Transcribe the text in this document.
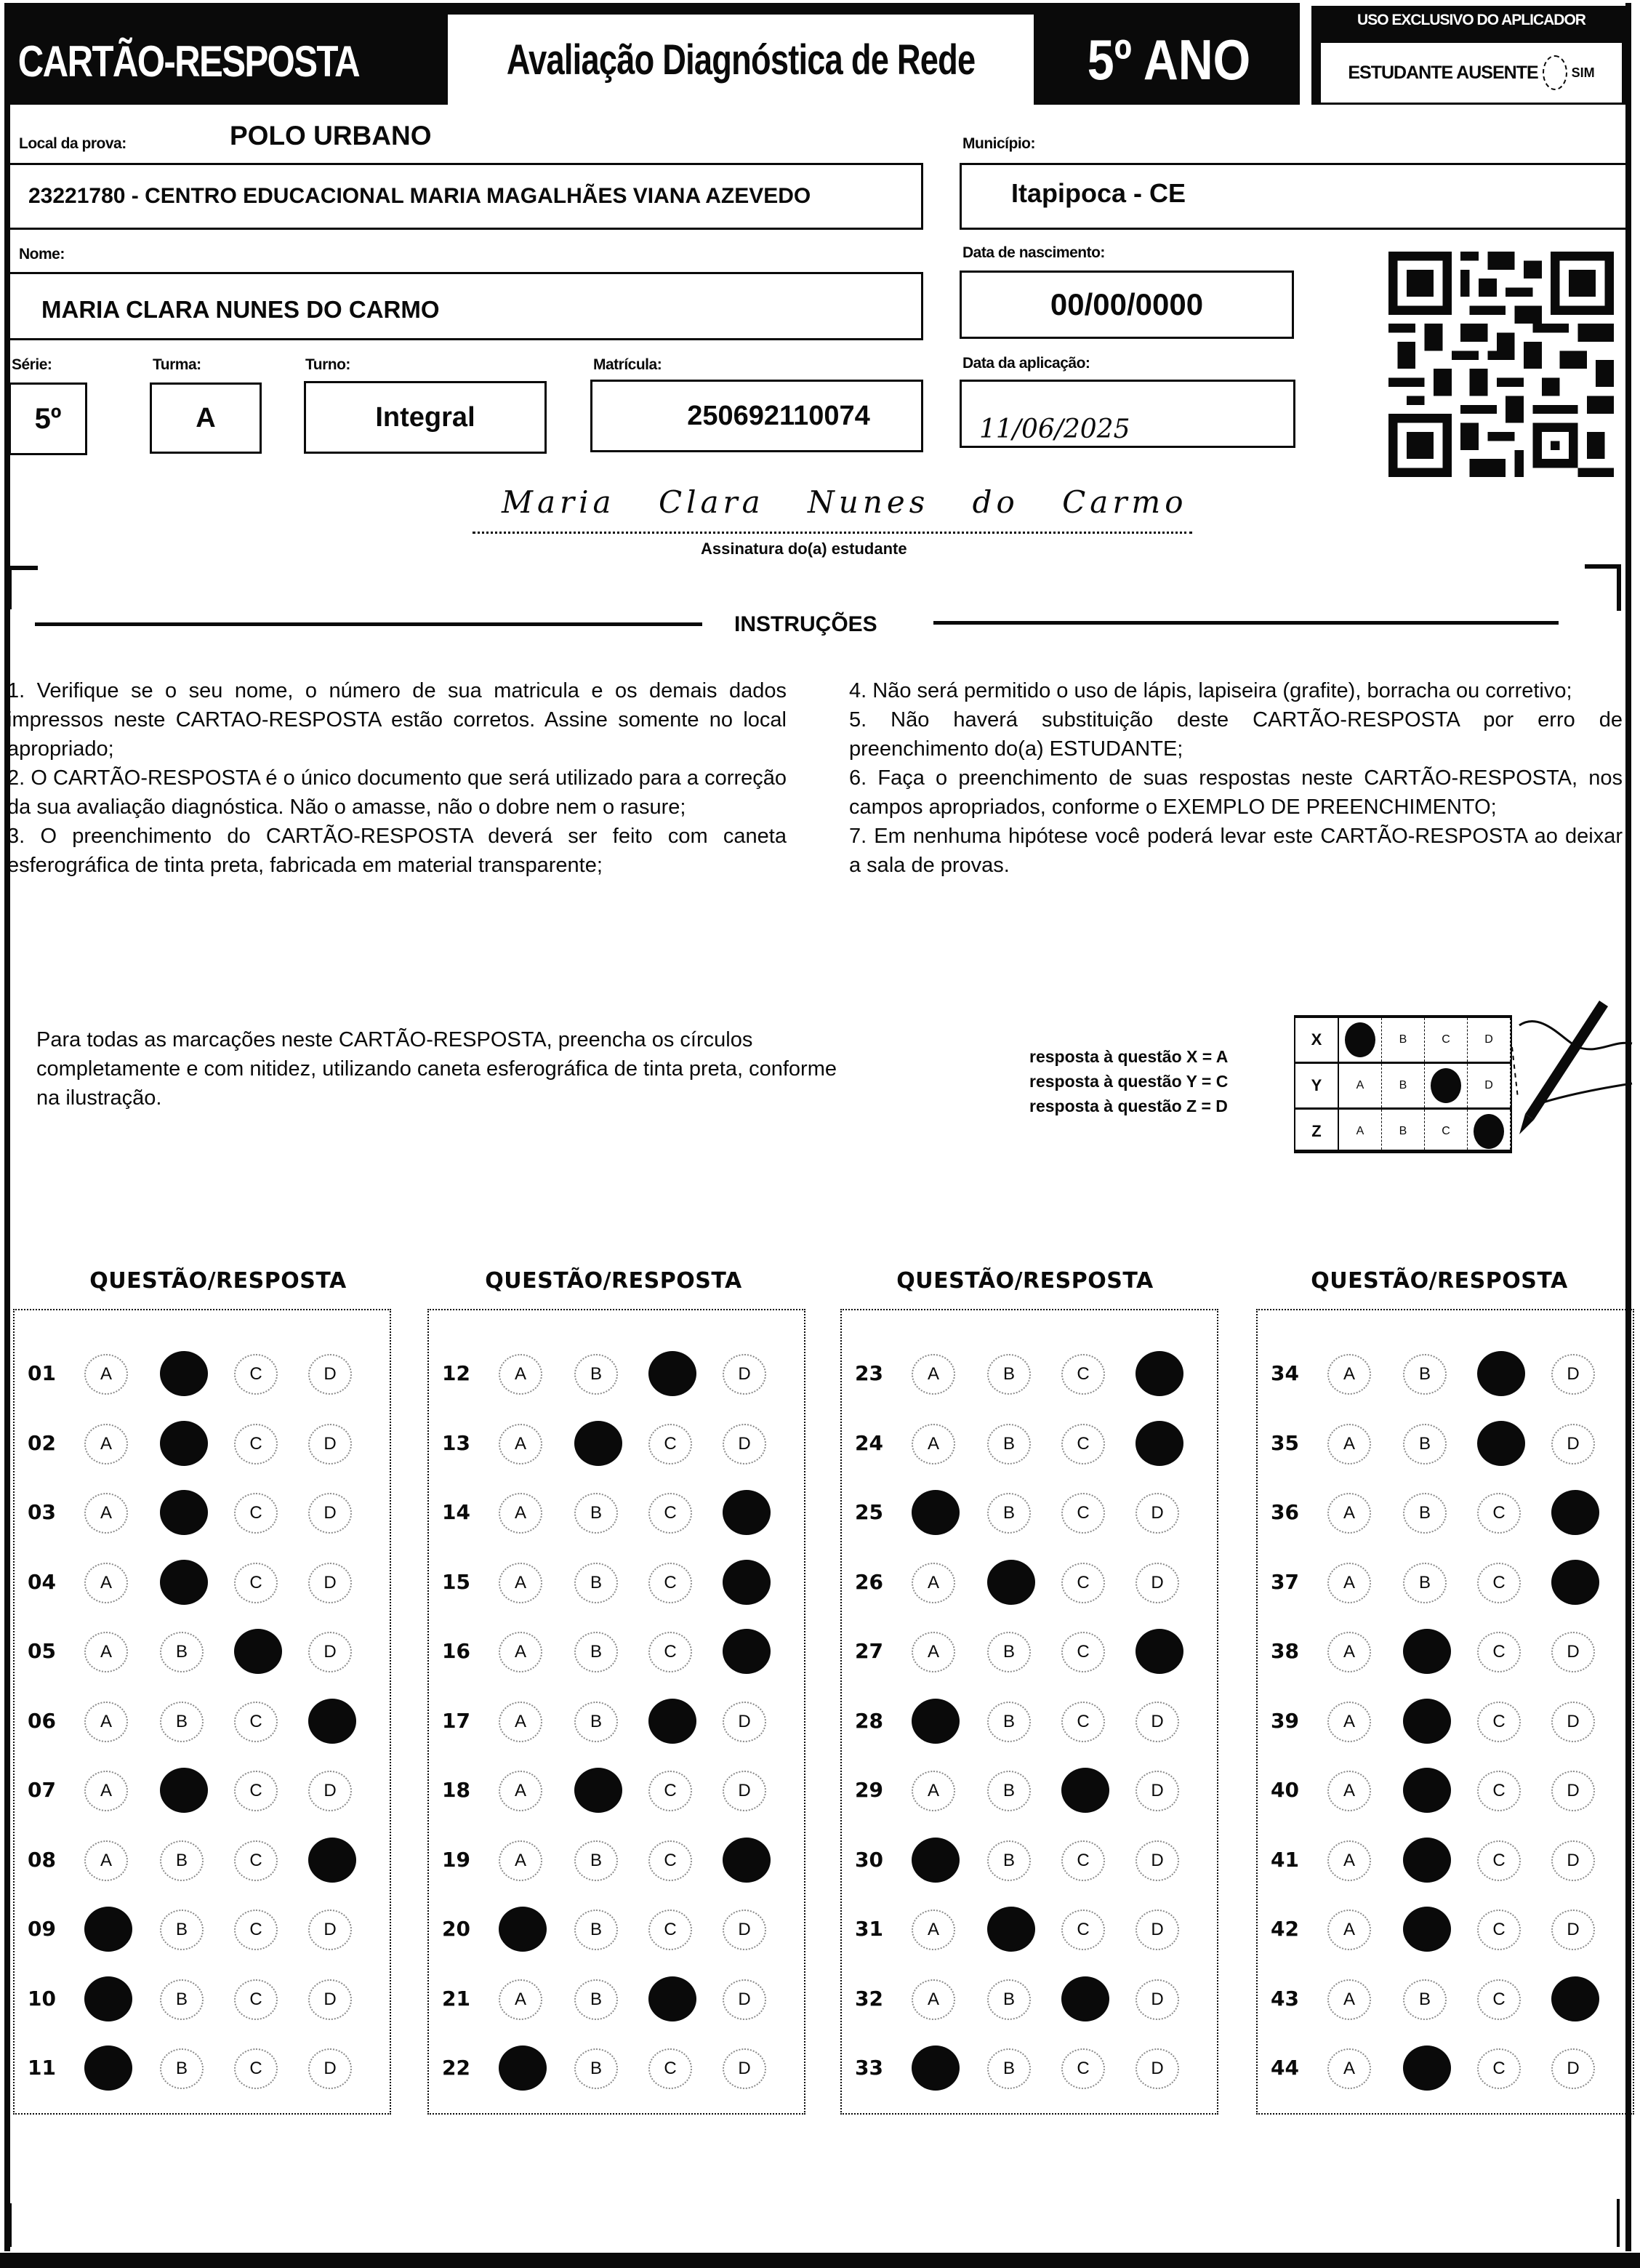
CARTÃO-RESPOSTA	Avaliação Diagnóstica de Rede 5º ANO
USO EXCLUSIVO DO APLICADOR
ESTUDANTE AUSENTE	SIM
Local da prova:	POLO URBANO
23221780 - CENTRO EDUCACIONAL MARIA MAGALHÃES VIANA AZEVEDO
Município:
Itapipoca - CE
Nome:
MARIA CLARA NUNES DO CARMO
Data de nascimento:
00/00/0000
Série:
5º
Turma:
A
Turno:
Integral
Matrícula:
250692110074
Data da aplicação:
11/06/2025
Maria Clara Nunes do Carmo
Assinatura do(a) estudante
INSTRUÇÕES

1. Verifique se o seu nome, o número de sua matricula e os demais dados impressos neste CARTAO-RESPOSTA estão corretos. Assine somente no local apropriado;

2. O CARTÃO-RESPOSTA é o único documento que será utilizado para a correção da sua avaliação diagnóstica. Não o amasse, não o dobre nem o rasure;

3. O preenchimento do CARTÃO-RESPOSTA deverá ser feito com caneta esferográfica de tinta preta, fabricada em material transparente;

4. Não será permitido o uso de lápis, lapiseira (grafite), borracha ou corretivo;

5. Não haverá substituição deste CARTÃO-RESPOSTA por erro de preenchimento do(a) ESTUDANTE;

6. Faça o preenchimento de suas respostas neste CARTÃO-RESPOSTA, nos campos apropriados, conforme o EXEMPLO DE PREENCHIMENTO;

7. Em nenhuma hipótese você poderá levar este CARTÃO-RESPOSTA ao deixar a sala de provas.

Para todas as marcações neste CARTÃO-RESPOSTA, preencha os círculos completamente e com nitidez, utilizando caneta esferográfica de tinta preta, conforme na ilustração.
resposta à questão X = A
resposta à questão Y = C
resposta à questão Z = D
X	B	C	D
Y	A	B	D
Z	A	B	C
QUESTÃO/RESPOSTA
01	A	C	D
02	A	C	D
03	A	C	D
04	A	C	D
05	A	B	D
06	A	B	C
07	A	C	D
08	A	B	C
09	B	C	D
10	B	C	D
11	B	C	D
QUESTÃO/RESPOSTA
12	A	B	D
13	A	C	D
14	A	B	C
15	A	B	C
16	A	B	C
17	A	B	D
18	A	C	D
19	A	B	C
20	B	C	D
21	A	B	D
22	B	C	D
QUESTÃO/RESPOSTA
23	A	B	C
24	A	B	C
25	B	C	D
26	A	C	D
27	A	B	C
28	B	C	D
29	A	B	D
30	B	C	D
31	A	C	D
32	A	B	D
33	B	C	D
QUESTÃO/RESPOSTA
34	A	B	D
35	A	B	D
36	A	B	C
37	A	B	C
38	A	C	D
39	A	C	D
40	A	C	D
41	A	C	D
42	A	C	D
43	A	B	C
44	A	C	D
